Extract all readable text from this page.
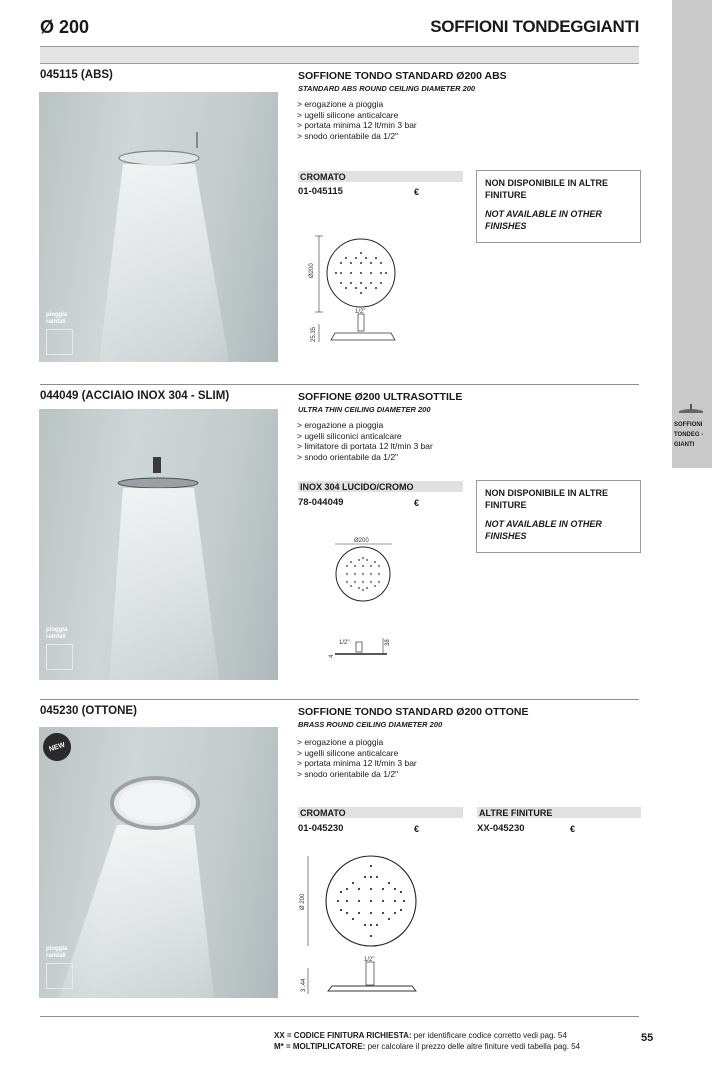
Ø 200	SOFFIONI TONDEGGIANTI
SOFFIONI
TONDEG -
GIANTI
045115 (ABS)
pioggia
rainfall
SOFFIONE TONDO STANDARD Ø200 ABS
STANDARD ABS ROUND CEILING DIAMETER 200
> erogazione a pioggia
> ugelli silicone anticalcare
> portata minima 12 lt/min 3 bar
> snodo orientabile da 1/2"
CROMATO
01-045115	€
NON DISPONIBILE IN ALTRE FINITURE
NOT AVAILABLE IN OTHER FINISHES
Ø200
1/2"
25,35
044049 (ACCIAIO INOX 304 - SLIM)
pioggia
rainfall
SOFFIONE Ø200 ULTRASOTTILE
ULTRA THIN CEILING DIAMETER 200
> erogazione a pioggia
> ugelli siliconici anticalcare
> limitatore di portata 12 lt/min 3 bar
> snodo orientabile da 1/2"
INOX 304 LUCIDO/CROMO
78-044049	€
NON DISPONIBILE IN ALTRE FINITURE
NOT AVAILABLE IN OTHER FINISHES
Ø200
1/2"	38
4
045230 (OTTONE)
NEW
pioggia
rainfall
SOFFIONE TONDO STANDARD Ø200 OTTONE
BRASS ROUND CEILING DIAMETER 200
> erogazione a pioggia
> ugelli silicone anticalcare
> portata minima 12 lt/min 3 bar
> snodo orientabile da 1/2"
CROMATO
01-045230	€
ALTRE FINITURE
XX-045230	€
Ø 200
1/2"
3 ,44
XX = CODICE FINITURA RICHIESTA: per identificare codice corretto vedi pag. 54
M* = MOLTIPLICATORE: per calcolare il prezzo delle altre finiture vedi tabella pag. 54
55
